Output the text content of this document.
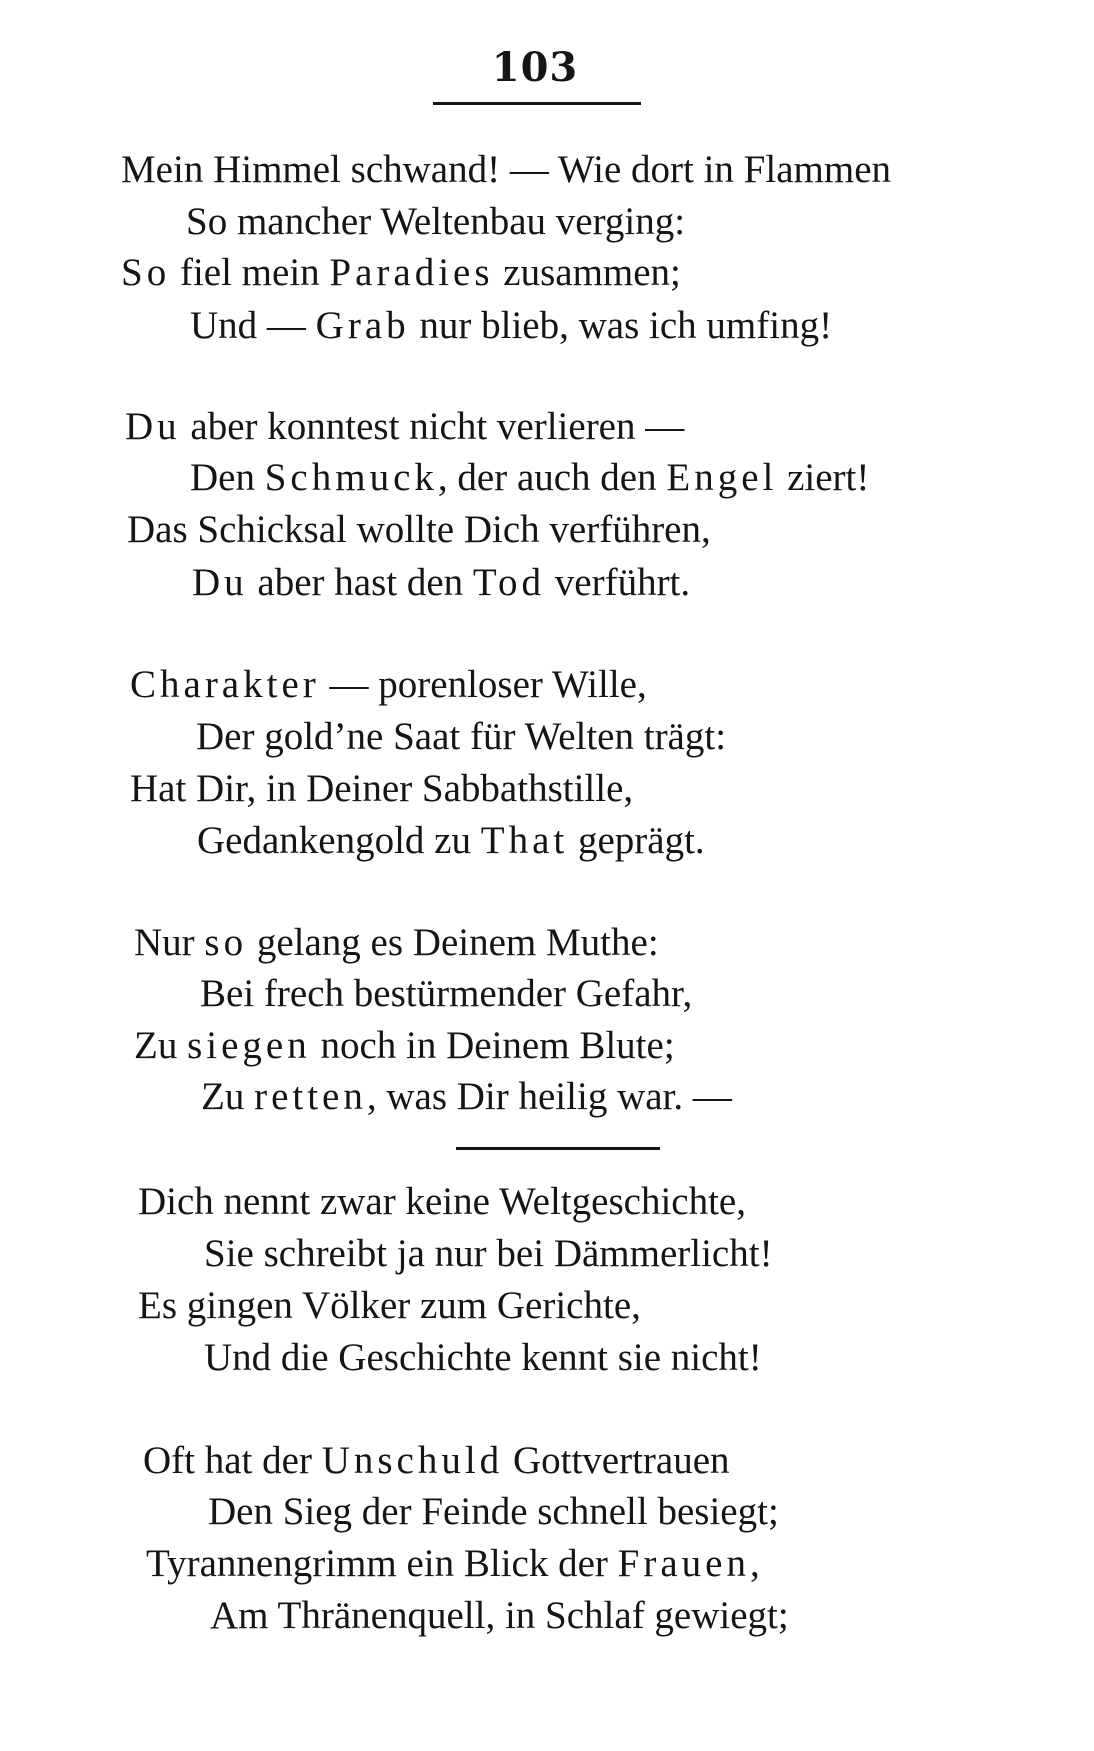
103
Mein Himmel schwand! — Wie dort in Flammen
So mancher Weltenbau verging:
So fiel mein Paradies zusammen;
Und — Grab nur blieb, was ich umfing!
Du aber konntest nicht verlieren —
Den Schmuck, der auch den Engel ziert!
Das Schicksal wollte Dich verführen,
Du aber hast den Tod verführt.
Charakter — porenloser Wille,
Der gold’ne Saat für Welten trägt:
Hat Dir, in Deiner Sabbathstille,
Gedankengold zu That geprägt.
Nur so gelang es Deinem Muthe:
Bei frech bestürmender Gefahr,
Zu siegen noch in Deinem Blute;
Zu retten, was Dir heilig war. —
Dich nennt zwar keine Weltgeschichte,
Sie schreibt ja nur bei Dämmerlicht!
Es gingen Völker zum Gerichte,
Und die Geschichte kennt sie nicht!
Oft hat der Unschuld Gottvertrauen
Den Sieg der Feinde schnell besiegt;
Tyrannengrimm ein Blick der Frauen,
Am Thränenquell, in Schlaf gewiegt;
